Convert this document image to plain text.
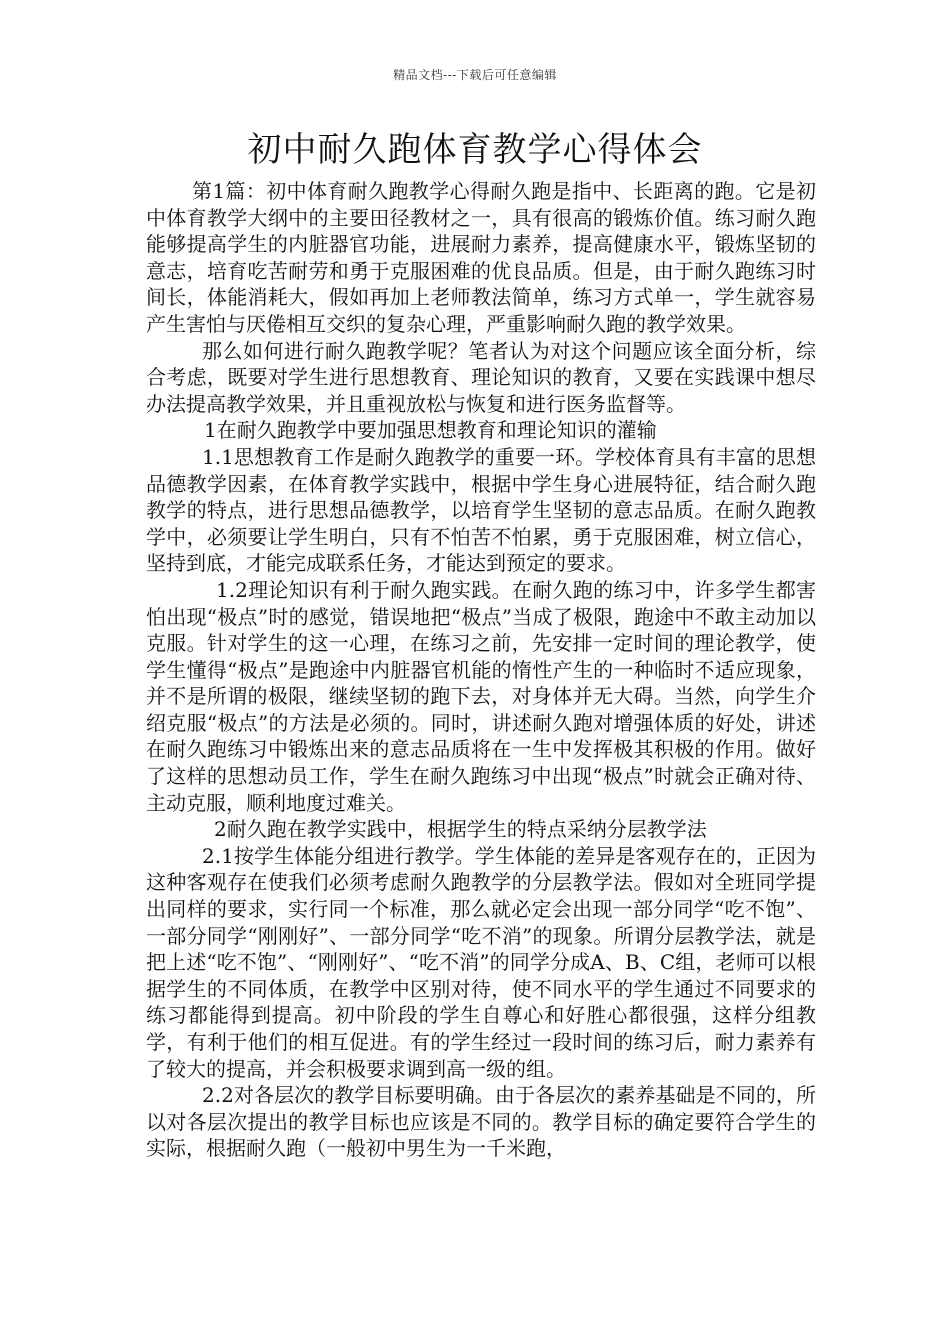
精品文档---下载后可任意编辑
初中耐久跑体育教学心得体会

第1篇：初中体育耐久跑教学心得耐久跑是指中、长距离的跑。它是初中体育教学大纲中的主要田径教材之一，具有很高的锻炼价值。练习耐久跑能够提高学生的内脏器官功能，进展耐力素养，提高健康水平，锻炼坚韧的意志，培育吃苦耐劳和勇于克服困难的优良品质。但是，由于耐久跑练习时间长，体能消耗大，假如再加上老师教法简单，练习方式单一，学生就容易产生害怕与厌倦相互交织的复杂心理，严重影响耐久跑的教学效果。

那么如何进行耐久跑教学呢？笔者认为对这个问题应该全面分析，综合考虑，既要对学生进行思想教育、理论知识的教育，又要在实践课中想尽办法提高教学效果，并且重视放松与恢复和进行医务监督等。

1在耐久跑教学中要加强思想教育和理论知识的灌输

1.1思想教育工作是耐久跑教学的重要一环。学校体育具有丰富的思想品德教学因素，在体育教学实践中，根据中学生身心进展特征，结合耐久跑教学的特点，进行思想品德教学，以培育学生坚韧的意志品质。在耐久跑教学中，必须要让学生明白，只有不怕苦不怕累，勇于克服困难，树立信心，坚持到底，才能完成联系任务，才能达到预定的要求。

1.2理论知识有利于耐久跑实践。在耐久跑的练习中，许多学生都害怕出现“极点”时的感觉，错误地把“极点”当成了极限，跑途中不敢主动加以克服。针对学生的这一心理，在练习之前，先安排一定时间的理论教学，使学生懂得“极点”是跑途中内脏器官机能的惰性产生的一种临时不适应现象，并不是所谓的极限，继续坚韧的跑下去，对身体并无大碍。当然，向学生介绍克服“极点”的方法是必须的。同时，讲述耐久跑对增强体质的好处，讲述在耐久跑练习中锻炼出来的意志品质将在一生中发挥极其积极的作用。做好了这样的思想动员工作，学生在耐久跑练习中出现“极点”时就会正确对待、主动克服，顺利地度过难关。

2耐久跑在教学实践中，根据学生的特点采纳分层教学法

2.1按学生体能分组进行教学。学生体能的差异是客观存在的，正因为这种客观存在使我们必须考虑耐久跑教学的分层教学法。假如对全班同学提出同样的要求，实行同一个标准，那么就必定会出现一部分同学“吃不饱”、一部分同学“刚刚好”、一部分同学“吃不消”的现象。所谓分层教学法，就是把上述“吃不饱”、“刚刚好”、“吃不消”的同学分成A、B、C组，老师可以根据学生的不同体质，在教学中区别对待，使不同水平的学生通过不同要求的练习都能得到提高。初中阶段的学生自尊心和好胜心都很强，这样分组教学，有利于他们的相互促进。有的学生经过一段时间的练习后，耐力素养有了较大的提高，并会积极要求调到高一级的组。

2.2对各层次的教学目标要明确。由于各层次的素养基础是不同的，所以对各层次提出的教学目标也应该是不同的。教学目标的确定要符合学生的实际，根据耐久跑（一般初中男生为一千米跑，
